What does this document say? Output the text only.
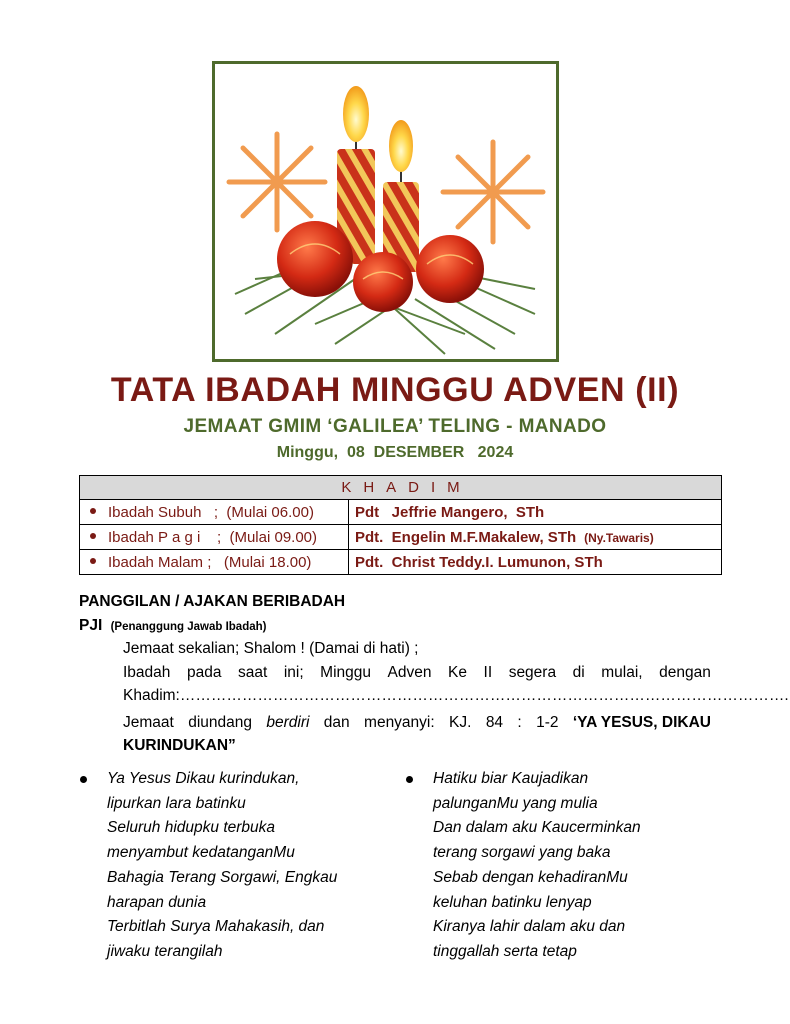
TATA IBADAH MINGGU ADVEN (II)
JEMAAT GMIM ‘GALILEA’ TELING - MANADO
Minggu,  08  DESEMBER   2024
KHADIM	
Ibadah Subuh   ;  (Mulai 06.00)	Pdt   Jeffrie Mangero,  STh
Ibadah P a g i    ;  (Mulai 09.00)	Pdt.  Engelin M.F.Makalew, STh (Ny.Tawaris)
Ibadah Malam ;   (Mulai 18.00)	Pdt.  Christ Teddy.I. Lumunon, STh
PANGGILAN / AJAKAN BERIBADAH
PJI (Penanggung Jawab Ibadah)
Jemaat sekalian; Shalom ! (Damai di hati) ;
Ibadah pada saat ini; Minggu Adven Ke II segera di mulai, dengan
Khadim:……………………………………………………………………………………………………….
Jemaat diundang berdiri dan menyanyi: KJ. 84 : 1-2 ‘YA YESUS, DIKAU
KURINDUKAN”
Ya Yesus Dikau kurindukan,
lipurkan lara batinku
Seluruh hidupku terbuka
menyambut kedatanganMu
Bahagia Terang Sorgawi, Engkau
harapan dunia
Terbitlah Surya Mahakasih, dan
jiwaku terangilah
Hatiku biar Kaujadikan
palunganMu yang mulia
Dan dalam aku Kaucerminkan
terang sorgawi yang baka
Sebab dengan kehadiranMu
keluhan batinku lenyap
Kiranya lahir dalam aku dan
tinggallah serta tetap
